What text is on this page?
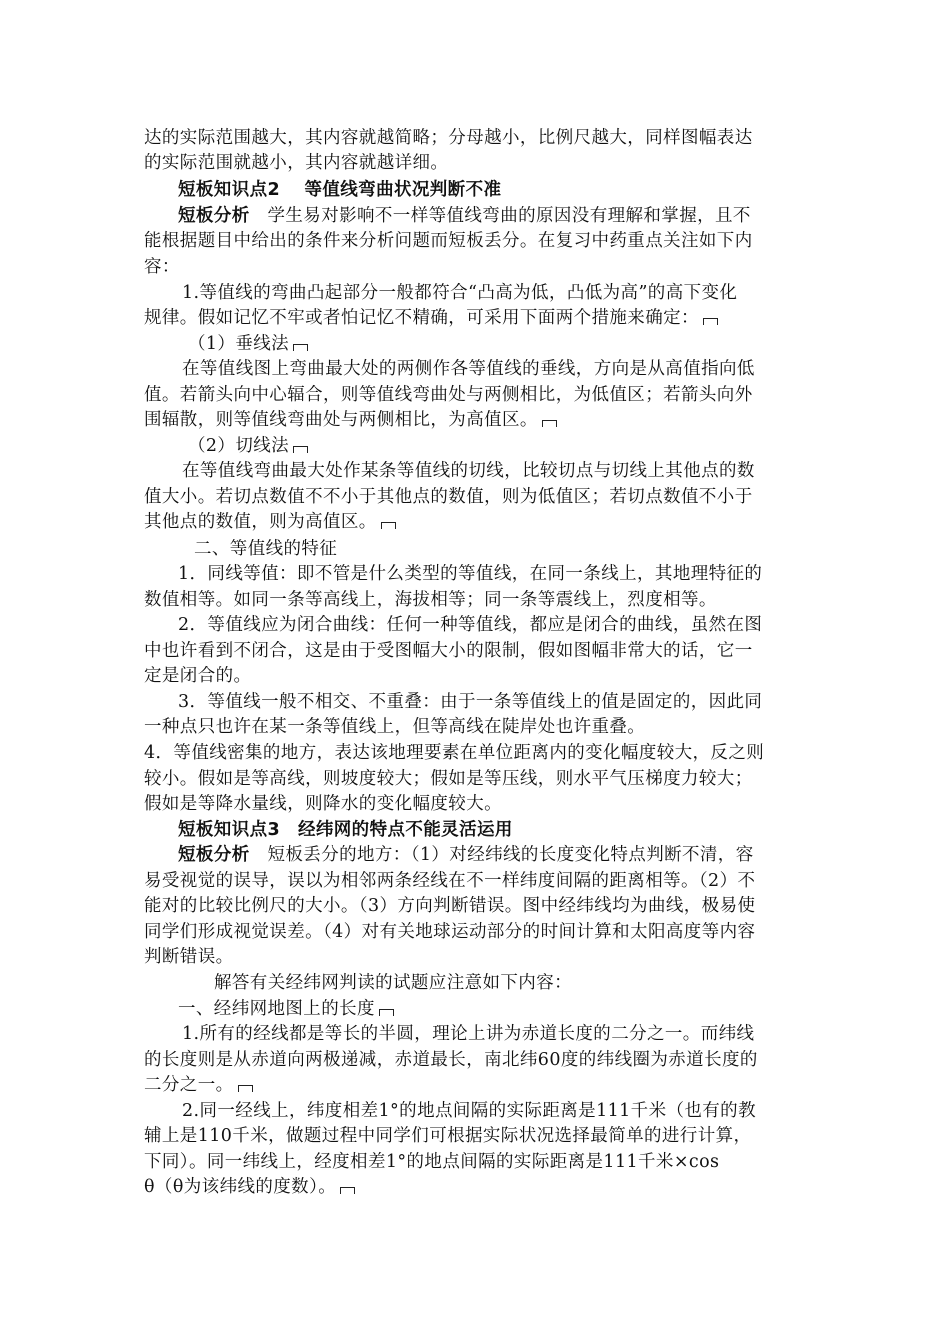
达的实际范围越大，其内容就越简略；分母越小，比例尺越大，同样图幅表达
的实际范围就越小，其内容就越详细。
短板知识点2　 等值线弯曲状况判断不准
短板分析　学生易对影响不一样等值线弯曲的原因没有理解和掌握，且不
能根据题目中给出的条件来分析问题而短板丢分。在复习中药重点关注如下内
容：
1.等值线的弯曲凸起部分一般都符合“凸高为低，凸低为高”的高下变化
规律。假如记忆不牢或者怕记忆不精确，可采用下面两个措施来确定：
（1）垂线法
在等值线图上弯曲最大处的两侧作各等值线的垂线，方向是从高值指向低
值。若箭头向中心辐合，则等值线弯曲处与两侧相比，为低值区；若箭头向外
围辐散，则等值线弯曲处与两侧相比，为高值区。
（2）切线法
在等值线弯曲最大处作某条等值线的切线，比较切点与切线上其他点的数
值大小。若切点数值不不小于其他点的数值，则为低值区；若切点数值不小于
其他点的数值，则为高值区。
二、等值线的特征
1．同线等值：即不管是什么类型的等值线，在同一条线上，其地理特征的
数值相等。如同一条等高线上，海拔相等；同一条等震线上，烈度相等。
2．等值线应为闭合曲线：任何一种等值线，都应是闭合的曲线，虽然在图
中也许看到不闭合，这是由于受图幅大小的限制，假如图幅非常大的话，它一
定是闭合的。
3．等值线一般不相交、不重叠：由于一条等值线上的值是固定的，因此同
一种点只也许在某一条等值线上，但等高线在陡岸处也许重叠。
4．等值线密集的地方，表达该地理要素在单位距离内的变化幅度较大，反之则
较小。假如是等高线，则坡度较大；假如是等压线，则水平气压梯度力较大；
假如是等降水量线，则降水的变化幅度较大。
短板知识点3　经纬网的特点不能灵活运用
短板分析　短板丢分的地方：（1）对经纬线的长度变化特点判断不清，容
易受视觉的误导，误以为相邻两条经线在不一样纬度间隔的距离相等。（2）不
能对的比较比例尺的大小。（3）方向判断错误。图中经纬线均为曲线，极易使
同学们形成视觉误差。（4）对有关地球运动部分的时间计算和太阳高度等内容
判断错误。
解答有关经纬网判读的试题应注意如下内容：
一、经纬网地图上的长度
1.所有的经线都是等长的半圆，理论上讲为赤道长度的二分之一。而纬线
的长度则是从赤道向两极递减，赤道最长，南北纬60度的纬线圈为赤道长度的
二分之一。
2.同一经线上，纬度相差1°的地点间隔的实际距离是111千米（也有的教
辅上是110千米，做题过程中同学们可根据实际状况选择最简单的进行计算，
下同）。同一纬线上，经度相差1°的地点间隔的实际距离是111千米×cos
θ（θ为该纬线的度数）。
